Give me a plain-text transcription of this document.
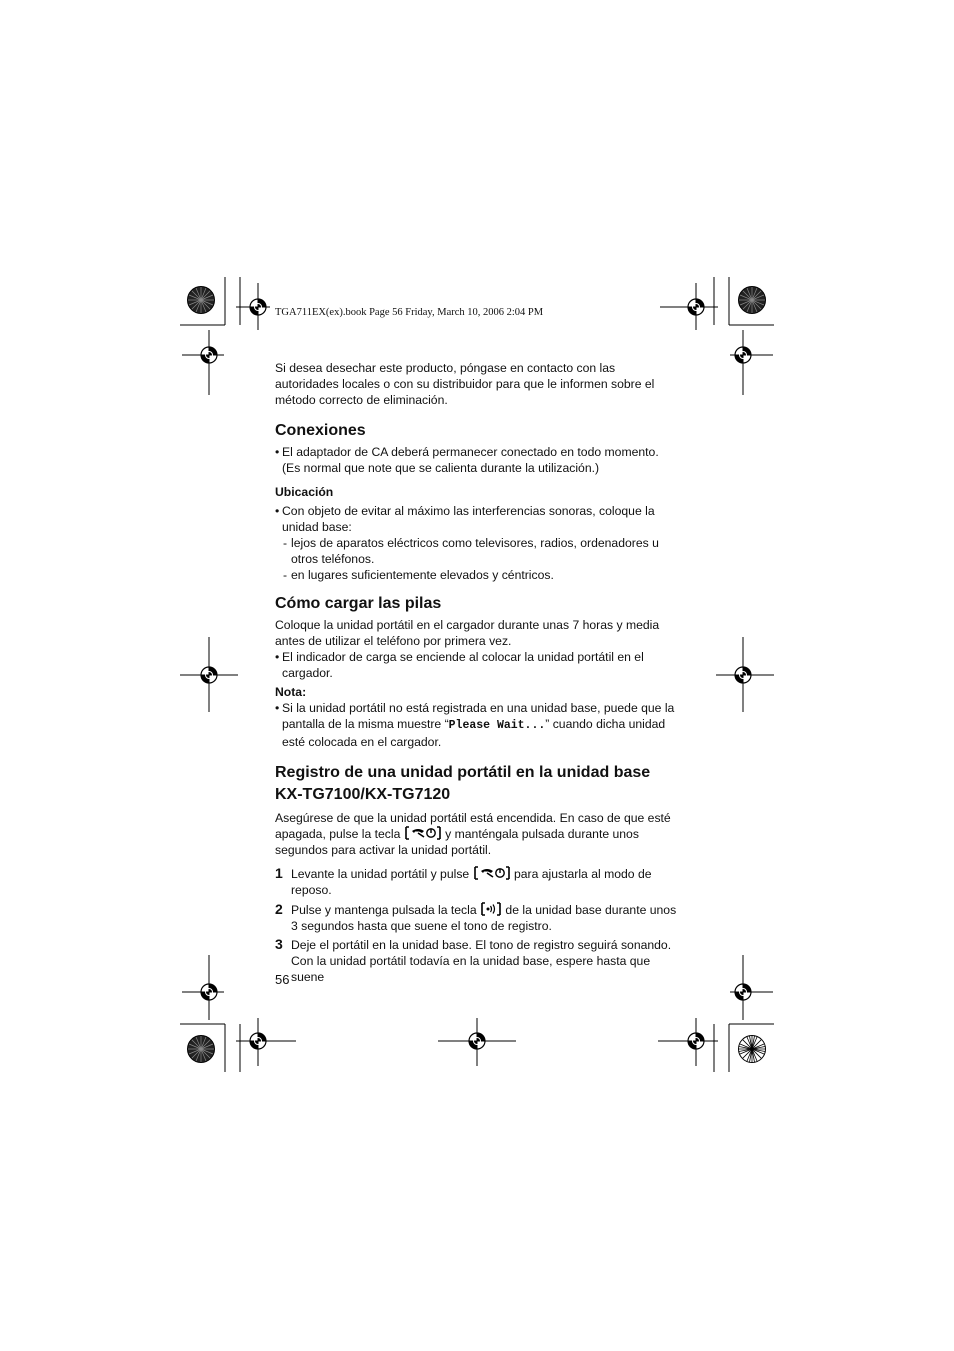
TGA711EX(ex).book Page 56 Friday, March 10, 2006 2:04 PM

Si desea desechar este producto, póngase en contacto con las autoridades locales o con su distribuidor para que le informen sobre el método correcto de eliminación.

Conexiones
• El adaptador de CA deberá permanecer conectado en todo momento. (Es normal que note que se calienta durante la utilización.)
Ubicación
• Con objeto de evitar al máximo las interferencias sonoras, coloque la unidad base:
- lejos de aparatos eléctricos como televisores, radios, ordenadores u otros teléfonos.
- en lugares suficientemente elevados y céntricos.
Cómo cargar las pilas

Coloque la unidad portátil en el cargador durante unas 7 horas y media antes de utilizar el teléfono por primera vez.

• El indicador de carga se enciende al colocar la unidad portátil en el cargador.
Nota:
• Si la unidad portátil no está registrada en una unidad base, puede que la pantalla de la misma muestre “Please Wait...” cuando dicha unidad esté colocada en el cargador.
Registro de una unidad portátil en la unidad base KX-TG7100/KX-TG7120

Asegúrese de que la unidad portátil está encendida. En caso de que esté apagada, pulse la tecla	y manténgala pulsada durante unos segundos para activar la unidad portátil.

1 Levante la unidad portátil y pulse	para ajustarla al modo de reposo.
2 Pulse y mantenga pulsada la tecla  de la unidad base durante unos 3 segundos hasta que suene el tono de registro.
3 Deje el portátil en la unidad base. El tono de registro seguirá sonando. Con la unidad portátil todavía en la unidad base, espere hasta que suene
56
